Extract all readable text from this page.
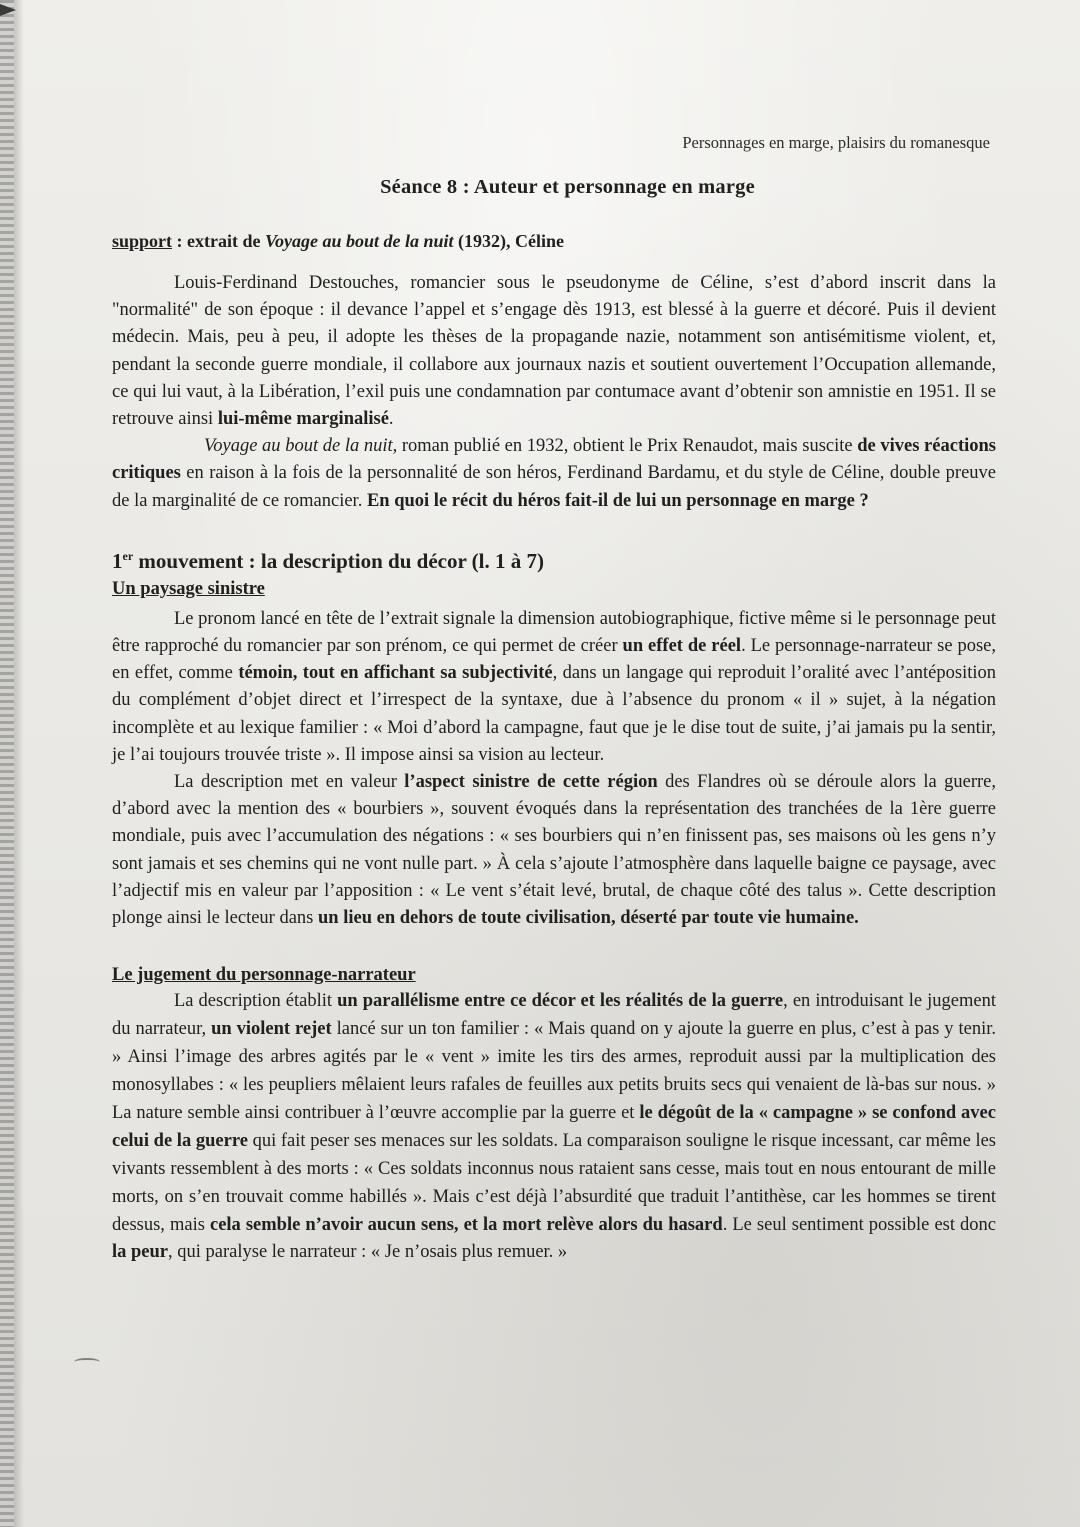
Personnages en marge, plaisirs du romanesque
Séance 8 : Auteur et personnage en marge
support : extrait de Voyage au bout de la nuit (1932), Céline

Louis-Ferdinand Destouches, romancier sous le pseudonyme de Céline, s’est d’abord inscrit dans la "normalité" de son époque : il devance l’appel et s’engage dès 1913, est blessé à la guerre et décoré. Puis il devient médecin. Mais, peu à peu, il adopte les thèses de la propagande nazie, notamment son antisémitisme violent, et, pendant la seconde guerre mondiale, il collabore aux journaux nazis et soutient ouvertement l’Occupation allemande, ce qui lui vaut, à la Libération, l’exil puis une condamnation par contumace avant d’obtenir son amnistie en 1951. Il se retrouve ainsi lui-même marginalisé.

Voyage au bout de la nuit, roman publié en 1932, obtient le Prix Renaudot, mais suscite de vives réactions critiques en raison à la fois de la personnalité de son héros, Ferdinand Bardamu, et du style de Céline, double preuve de la marginalité de ce romancier. En quoi le récit du héros fait-il de lui un personnage en marge ?

1er mouvement : la description du décor (l. 1 à 7)
Un paysage sinistre

Le pronom lancé en tête de l’extrait signale la dimension autobiographique, fictive même si le personnage peut être rapproché du romancier par son prénom, ce qui permet de créer un effet de réel. Le personnage-narrateur se pose, en effet, comme témoin, tout en affichant sa subjectivité, dans un langage qui reproduit l’oralité avec l’antéposition du complément d’objet direct et l’irrespect de la syntaxe, due à l’absence du pronom « il » sujet, à la négation incomplète et au lexique familier : « Moi d’abord la campagne, faut que je le dise tout de suite, j’ai jamais pu la sentir, je l’ai toujours trouvée triste ». Il impose ainsi sa vision au lecteur.

La description met en valeur l’aspect sinistre de cette région des Flandres où se déroule alors la guerre, d’abord avec la mention des « bourbiers », souvent évoqués dans la représentation des tranchées de la 1ère guerre mondiale, puis avec l’accumulation des négations : « ses bourbiers qui n’en finissent pas, ses maisons où les gens n’y sont jamais et ses chemins qui ne vont nulle part. » À cela s’ajoute l’atmosphère dans laquelle baigne ce paysage, avec l’adjectif mis en valeur par l’apposition : « Le vent s’était levé, brutal, de chaque côté des talus ». Cette description plonge ainsi le lecteur dans un lieu en dehors de toute civilisation, déserté par toute vie humaine.

Le jugement du personnage-narrateur

La description établit un parallélisme entre ce décor et les réalités de la guerre, en introduisant le jugement du narrateur, un violent rejet lancé sur un ton familier : « Mais quand on y ajoute la guerre en plus, c’est à pas y tenir. » Ainsi l’image des arbres agités par le « vent » imite les tirs des armes, reproduit aussi par la multiplication des monosyllabes : « les peupliers mêlaient leurs rafales de feuilles aux petits bruits secs qui venaient de là-bas sur nous. » La nature semble ainsi contribuer à l’œuvre accomplie par la guerre et le dégoût de la « campagne » se confond avec celui de la guerre qui fait peser ses menaces sur les soldats. La comparaison souligne le risque incessant, car même les vivants ressemblent à des morts : « Ces soldats inconnus nous rataient sans cesse, mais tout en nous entourant de mille morts, on s’en trouvait comme habillés ». Mais c’est déjà l’absurdité que traduit l’antithèse, car les hommes se tirent dessus, mais cela semble n’avoir aucun sens, et la mort relève alors du hasard. Le seul sentiment possible est donc la peur, qui paralyse le narrateur : « Je n’osais plus remuer. »
